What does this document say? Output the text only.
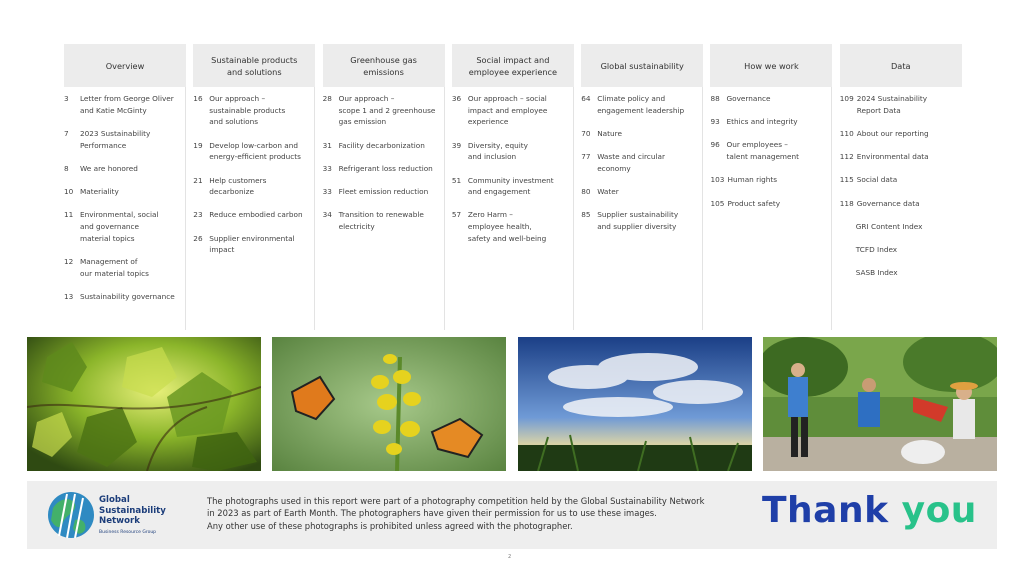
Overview
3	Letter from George Oliver
and Katie McGinty
7	2023 Sustainability
Performance
8	We are honored
10 Materiality
11 Environmental, social
and governance
material topics
12 Management of
our material topics
13 Sustainability governance
Sustainable products
and solutions
16 Our approach –
sustainable products
and solutions
19 Develop low-carbon and
energy-efficient products
21 Help customers
decarbonize
23 Reduce embodied carbon
26 Supplier environmental
impact
Greenhouse gas
emissions
28 Our approach –
scope 1 and 2 greenhouse
gas emission
31 Facility decarbonization
33 Refrigerant loss reduction
33 Fleet emission reduction
34 Transition to renewable
electricity
Social impact and
employee experience
36 Our approach – social
impact and employee
experience
39 Diversity, equity
and inclusion
51 Community investment
and engagement
57 Zero Harm –
employee health,
safety and well-being
Global sustainability
64 Climate policy and
engagement leadership
70 Nature
77 Waste and circular
economy
80 Water
85 Supplier sustainability
and supplier diversity
How we work
88 Governance
93 Ethics and integrity
96 Our employees –
talent management
103 Human rights
105 Product safety
Data
109 2024 Sustainability
Report Data
110 About our reporting
112 Environmental data
115 Social data
118 Governance data
GRI Content Index
TCFD Index
SASB Index
Global
Sustainability
Network
Business Resource Group
The photographs used in this report were part of a photography competition held by the Global Sustainability Network
in 2023 as part of Earth Month. The photographers have given their permission for us to use these images.
Any other use of these photographs is prohibited unless agreed with the photographer.	Thank you
2
